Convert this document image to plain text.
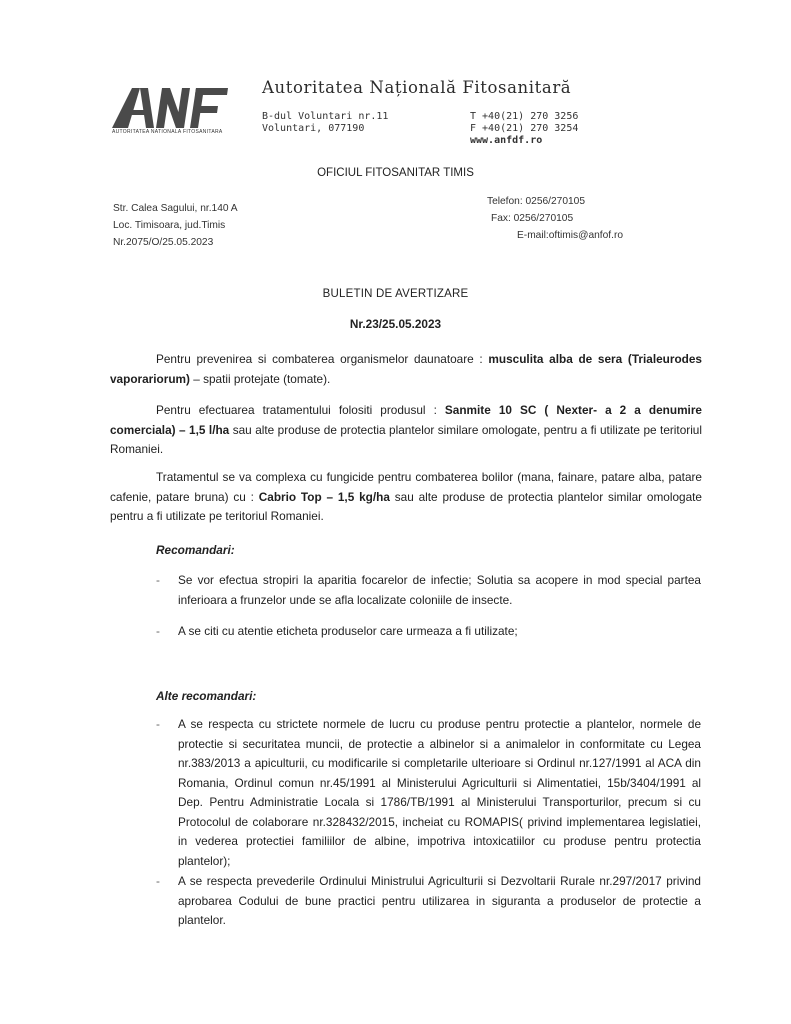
AUTORITATEA NATIONALA FITOSANITARA
Autoritatea Națională Fitosanitară
B-dul Voluntari nr.11
Voluntari, 077190
T +40(21) 270 3256
F +40(21) 270 3254
www.anfdf.ro
OFICIUL FITOSANITAR TIMIS
Str. Calea Sagului, nr.140 A
Loc. Timisoara, jud.Timis
Nr.2075/O/25.05.2023
Telefon: 0256/270105
Fax: 0256/270105
E-mail:oftimis@anfof.ro
BULETIN DE AVERTIZARE
Nr.23/25.05.2023
Pentru prevenirea si combaterea organismelor daunatoare : musculita alba de sera (Trialeurodes vaporariorum) – spatii protejate (tomate).
Pentru efectuarea tratamentului folositi produsul : Sanmite 10 SC ( Nexter- a 2 a denumire comerciala) – 1,5 l/ha sau alte produse de protectia plantelor similare omologate, pentru a fi utilizate pe teritoriul Romaniei.
Tratamentul se va complexa cu fungicide pentru combaterea bolilor (mana, fainare, patare alba, patare cafenie, patare bruna) cu : Cabrio Top – 1,5 kg/ha sau alte produse de protectia plantelor similar omologate pentru a fi utilizate pe teritoriul Romaniei.
Recomandari:
- Se vor efectua stropiri la aparitia focarelor de infectie; Solutia sa acopere in mod special partea inferioara a frunzelor unde se afla localizate coloniile de insecte.
- A se citi cu atentie eticheta produselor care urmeaza a fi utilizate;
Alte recomandari:
- A se respecta cu strictete normele de lucru cu produse pentru protectie a plantelor, normele de protectie si securitatea muncii, de protectie a albinelor si a animalelor in conformitate cu Legea nr.383/2013 a apiculturii, cu modificarile si completarile ulterioare si Ordinul nr.127/1991 al ACA din Romania, Ordinul comun nr.45/1991 al Ministerului Agriculturii si Alimentatiei, 15b/3404/1991 al Dep. Pentru Administratie Locala si 1786/TB/1991 al Ministerului Transporturilor, precum si cu Protocolul de colaborare nr.328432/2015, incheiat cu ROMAPIS( privind implementarea legislatiei, in vederea protectiei familiilor de albine, impotriva intoxicatiilor cu produse pentru protectia plantelor);
- A se respecta prevederile Ordinului Ministrului Agriculturii si Dezvoltarii Rurale nr.297/2017 privind aprobarea Codului de bune practici pentru utilizarea in siguranta a produselor de protectie a plantelor.
